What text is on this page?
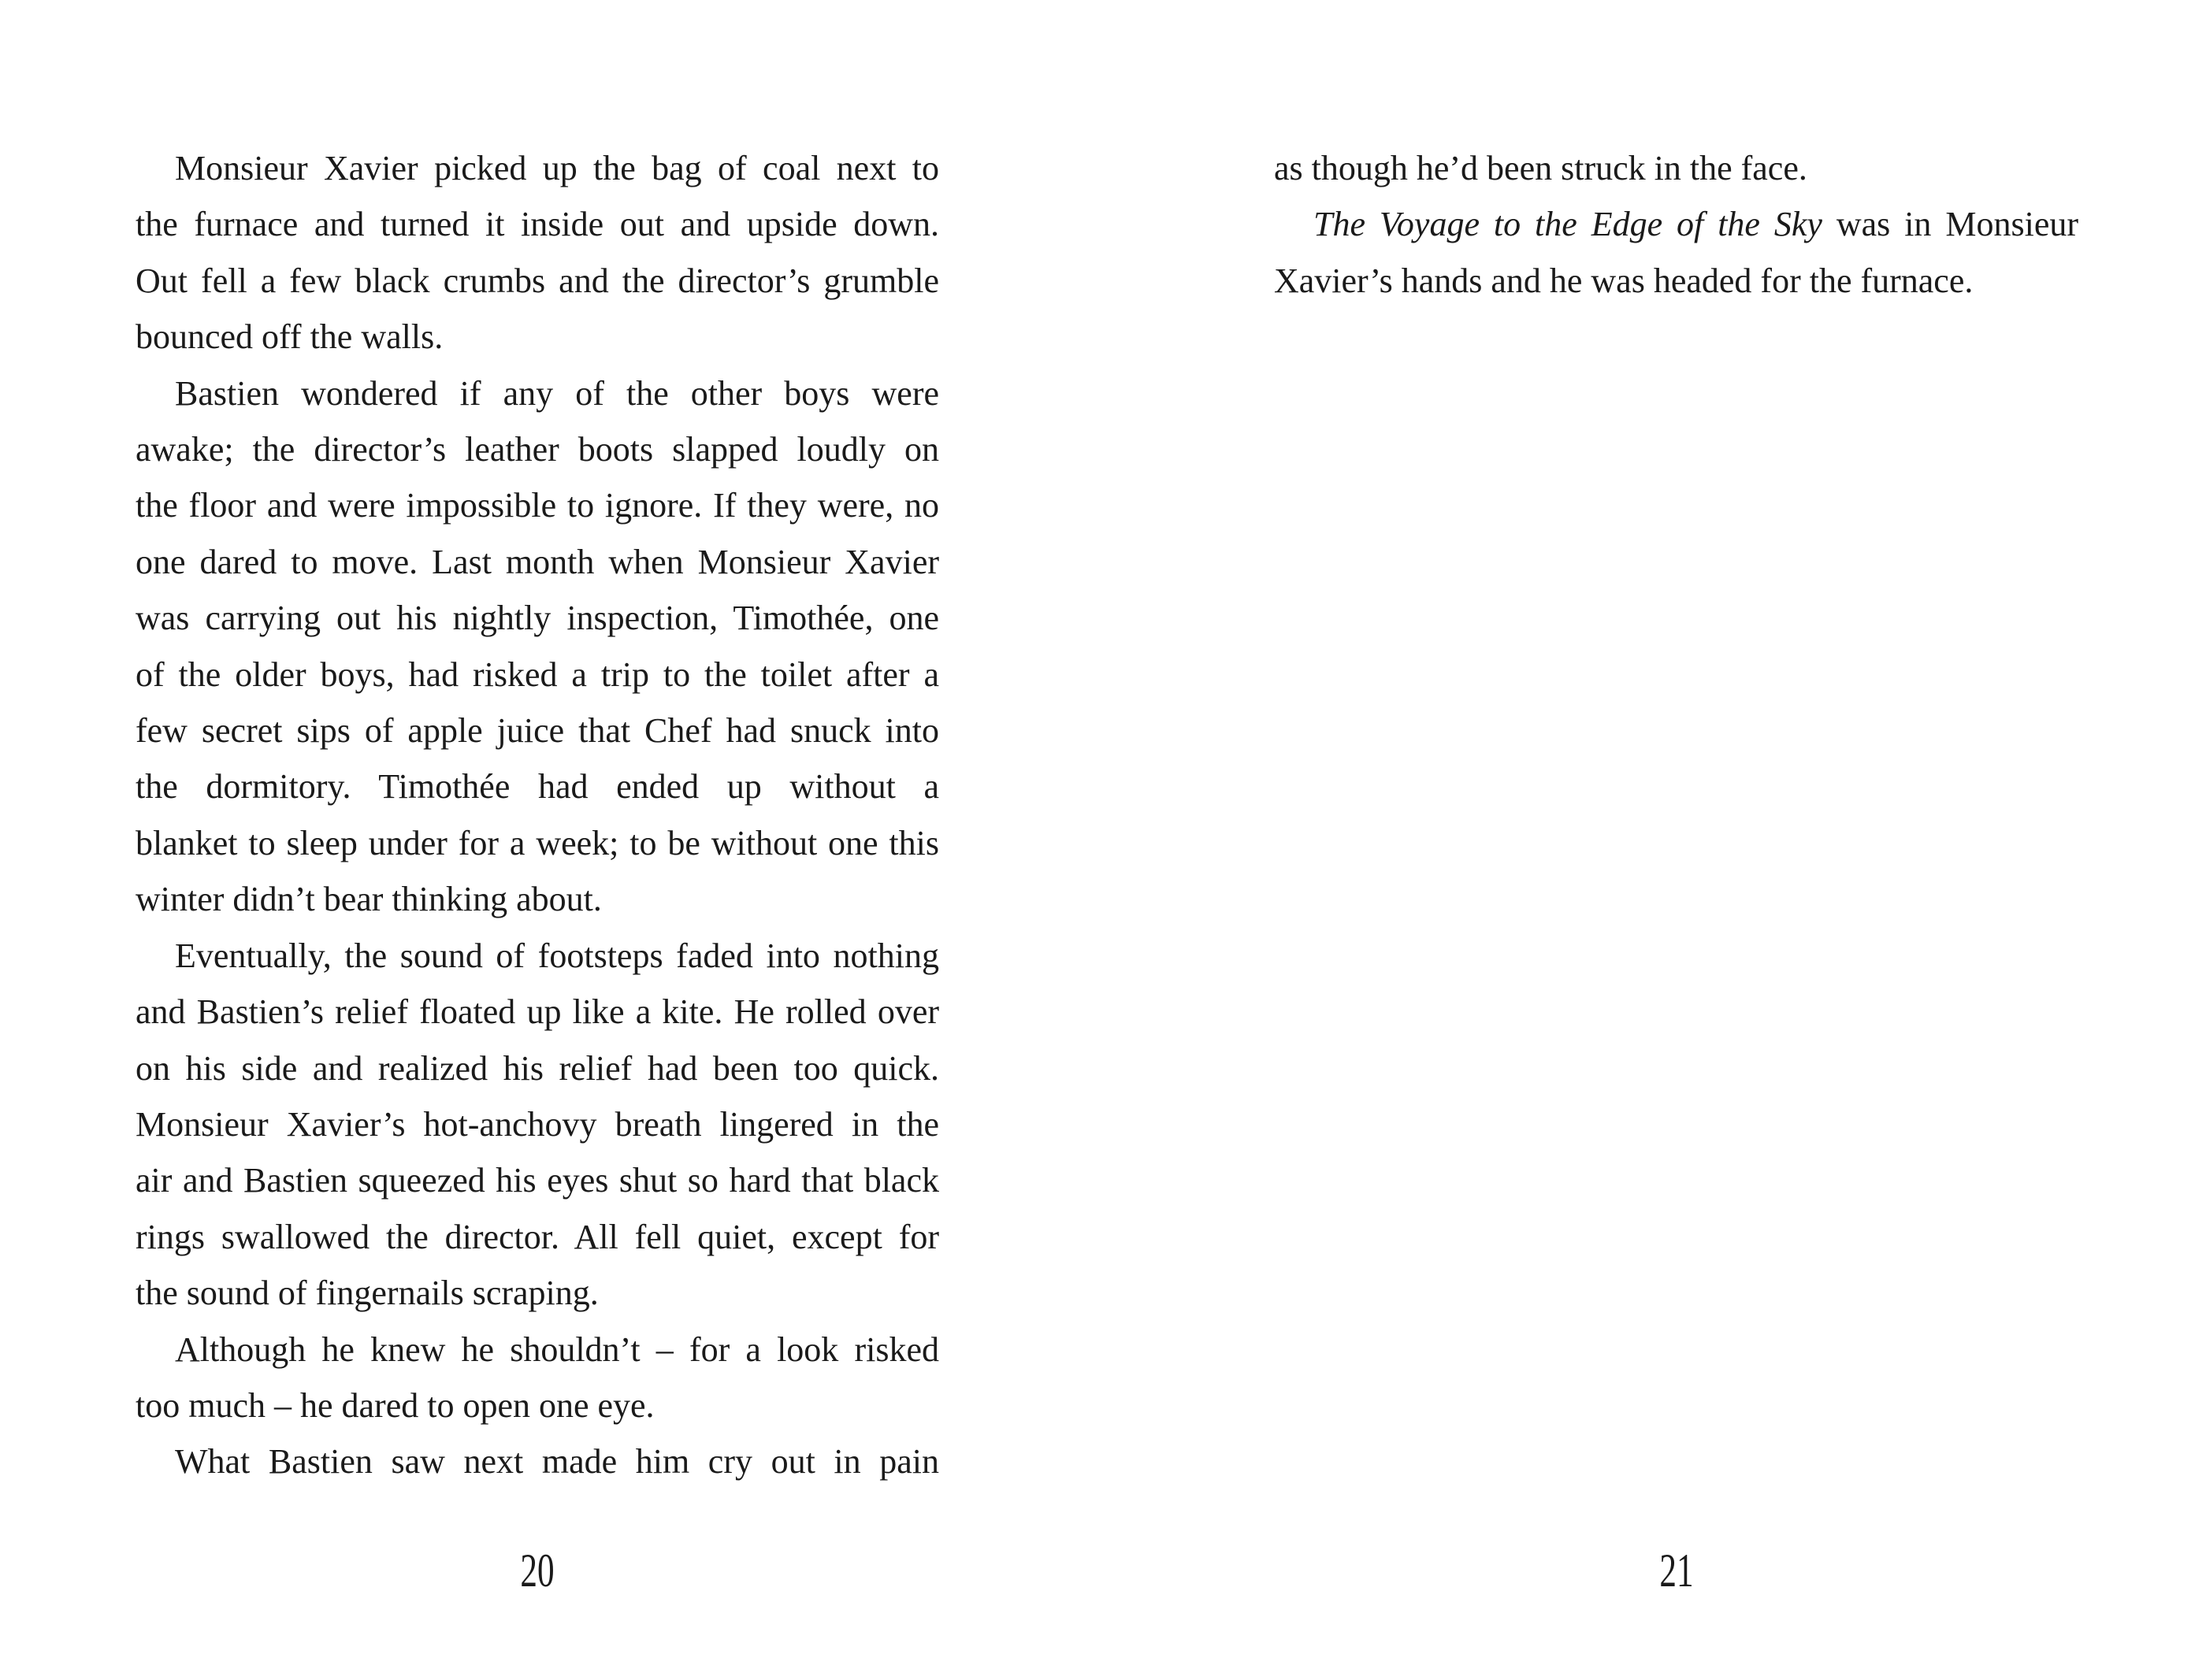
Monsieur Xavier picked up the bag of coal next to
the furnace and turned it inside out and upside down.
Out fell a few black crumbs and the director’s grumble
bounced off the walls.
Bastien wondered if any of the other boys were
awake; the director’s leather boots slapped loudly on
the floor and were impossible to ignore. If they were, no
one dared to move. Last month when Monsieur Xavier
was carrying out his nightly inspection, Timothée, one
of the older boys, had risked a trip to the toilet after a
few secret sips of apple juice that Chef had snuck into
the dormitory. Timothée had ended up without a
blanket to sleep under for a week; to be without one this
winter didn’t bear thinking about.
Eventually, the sound of footsteps faded into nothing
and Bastien’s relief floated up like a kite. He rolled over
on his side and realized his relief had been too quick.
Monsieur Xavier’s hot-anchovy breath lingered in the
air and Bastien squeezed his eyes shut so hard that black
rings swallowed the director. All fell quiet, except for
the sound of fingernails scraping.
Although he knew he shouldn’t – for a look risked
too much – he dared to open one eye.
What Bastien saw next made him cry out in pain
20
as though he’d been struck in the face.
The Voyage to the Edge of the Sky was in Monsieur
Xavier’s hands and he was headed for the furnace.
21
